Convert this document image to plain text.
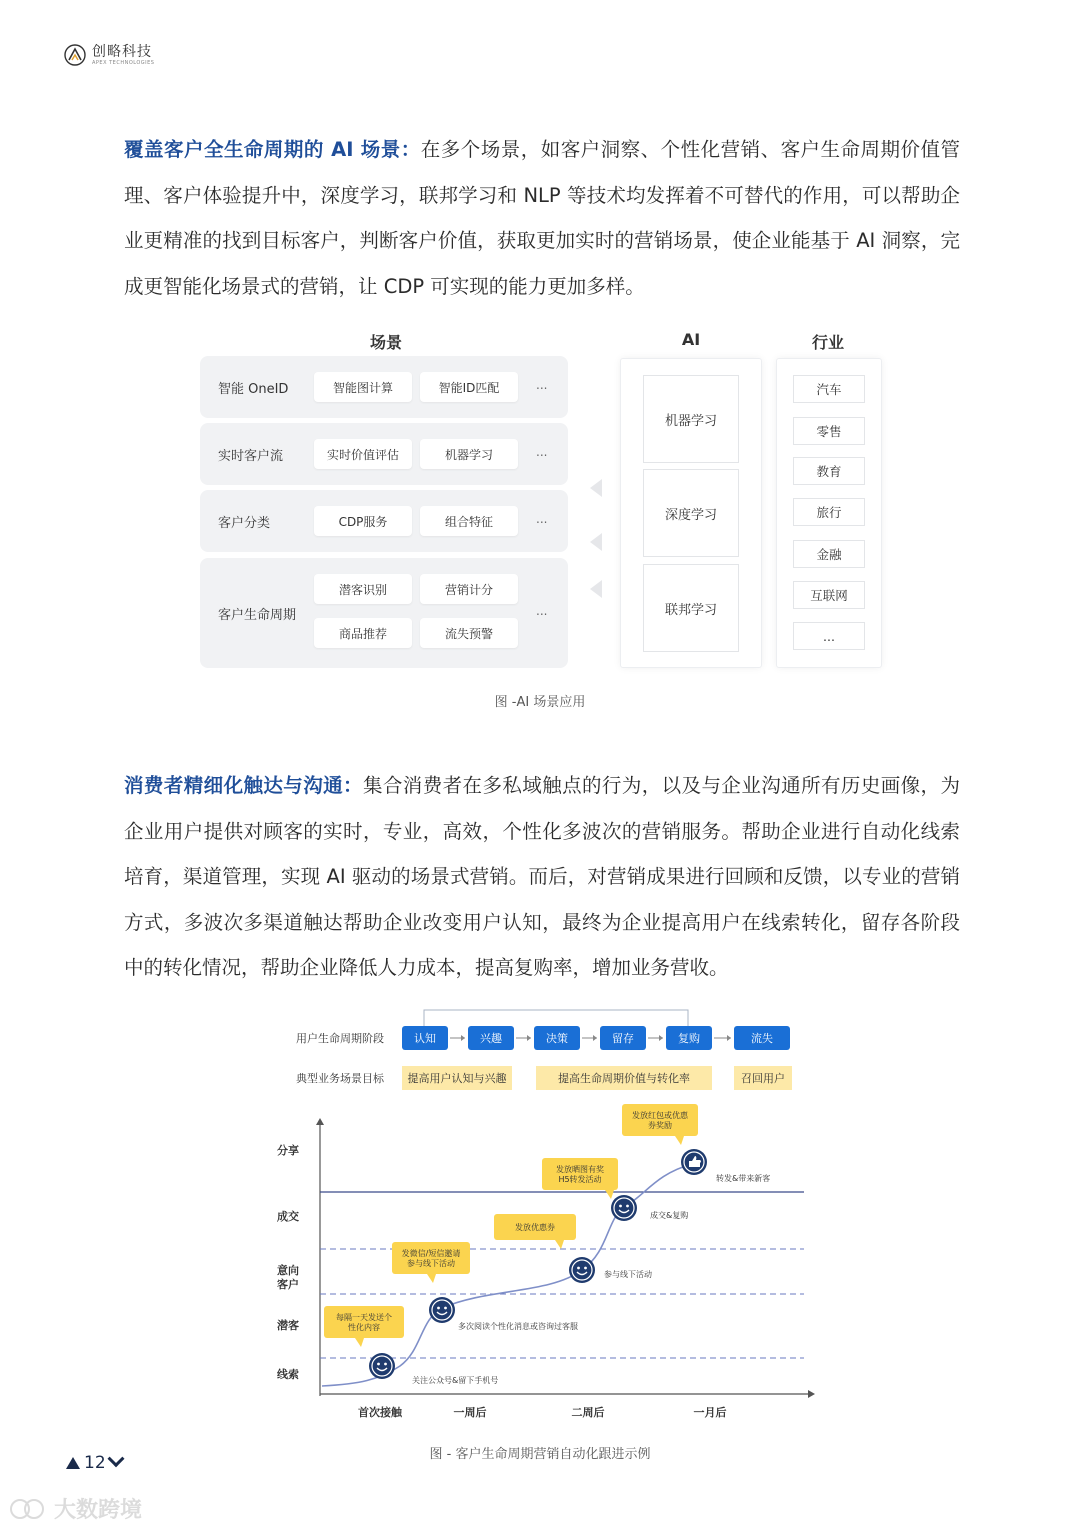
创略科技
APEX TECHNOLOGIES

覆盖客户全生命周期的 AI 场景：在多个场景，如客户洞察、个性化营销、客户生命周期价值管理、客户体验提升中，深度学习，联邦学习和 NLP 等技术均发挥着不可替代的作用，可以帮助企业更精准的找到目标客户，判断客户价值，获取更加实时的营销场景，使企业能基于 AI 洞察，完成更智能化场景式的营销，让 CDP 可实现的能力更加多样。

场景	AI	行业
智能 OneID	智能图计算	智能ID匹配	...
实时客户流	实时价值评估	机器学习	...
客户分类	CDP服务	组合特征	...
客户生命周期
潜客识别	营销计分
商品推荐	流失预警
...
机器学习
深度学习
联邦学习
汽车
零售
教育
旅行
金融
互联网
...
图 -AI 场景应用

消费者精细化触达与沟通：集合消费者在多私域触点的行为，以及与企业沟通所有历史画像，为企业用户提供对顾客的实时，专业，高效，个性化多波次的营销服务。帮助企业进行自动化线索培育，渠道管理，实现 AI 驱动的场景式营销。而后，对营销成果进行回顾和反馈，以专业的营销方式，多波次多渠道触达帮助企业改变用户认知，最终为企业提高用户在线索转化，留存各阶段中的转化情况，帮助企业降低人力成本，提高复购率，增加业务营收。

用户生命周期阶段	认知	兴趣	决策	留存	复购	流失
典型业务场景目标 提高用户认知与兴趣	提高生命周期价值与转化率	召回用户
分享
成交
意向客户
潜客
线索
首次接触	一周后	二周后	一月后
关注公众号&留下手机号
多次阅读个性化消息或咨询过客服
参与线下活动
成交&复购
转发&带来新客
每隔一天发送个性化内容
发微信/短信邀请参与线下活动
发放优惠券
发放晒图有奖 H5转发活动
发放红包或优惠券奖励
图 - 客户生命周期营销自动化跟进示例
12
大数跨境
